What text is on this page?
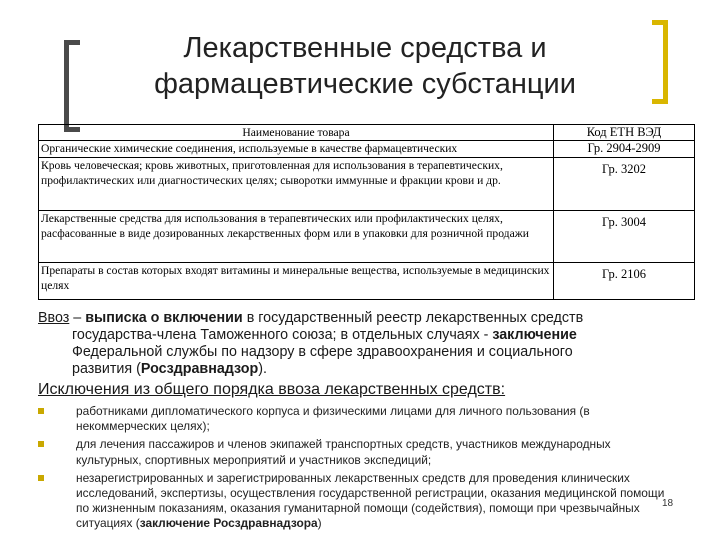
Лекарственные средства и
фармацевтические субстанции
Наименование товара	Код ЕТН ВЭД
Органические химические соединения, используемые в качестве фармацевтических	Гр. 2904-2909
Кровь человеческая; кровь животных, приготовленная для использования в терапевтических, профилактических или диагностических целях; сыворотки иммунные и фракции крови и др.	Гр. 3202
Лекарственные средства для использования в терапевтических или профилактических целях, расфасованные в виде дозированных лекарственных форм или в упаковки для розничной продажи	Гр. 3004
Препараты в состав которых входят витамины и минеральные вещества, используемые в медицинских целях	Гр. 2106
Ввоз – выписка о включении в государственный реестр лекарственных средств
государства-члена Таможенного союза; в отдельных случаях - заключение
Федеральной службы по надзору в сфере здравоохранения и социального
развития (Росздравнадзор).
Исключения из общего порядка ввоза лекарственных средств:
работниками дипломатического корпуса и физическими лицами для личного пользования (в некоммерческих целях);
для лечения пассажиров и членов экипажей транспортных средств, участников международных культурных, спортивных мероприятий и участников экспедиций;
незарегистрированных и зарегистрированных лекарственных средств для проведения клинических исследований, экспертизы, осуществления государственной регистрации, оказания медицинской помощи по жизненным показаниям, оказания гуманитарной помощи (содействия), помощи при чрезвычайных ситуациях (заключение Росздравнадзора)
18
